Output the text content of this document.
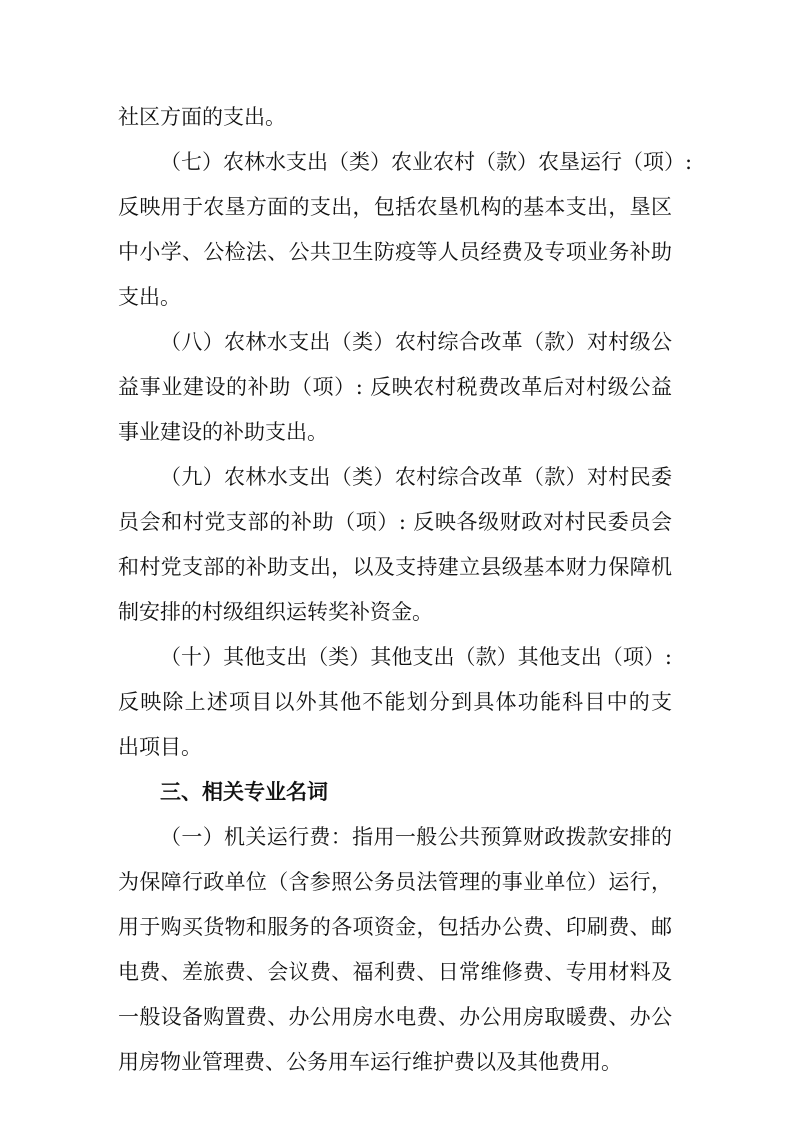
社区方面的支出。
（七）农林水支出（类）农业农村（款）农垦运行（项）:
反映用于农垦方面的支出，包括农垦机构的基本支出，垦区
中小学、公检法、公共卫生防疫等人员经费及专项业务补助
支出。
（八）农林水支出（类）农村综合改革（款）对村级公
益事业建设的补助（项）: 反映农村税费改革后对村级公益
事业建设的补助支出。
（九）农林水支出（类）农村综合改革（款）对村民委
员会和村党支部的补助（项）: 反映各级财政对村民委员会
和村党支部的补助支出，以及支持建立县级基本财力保障机
制安排的村级组织运转奖补资金。
（十）其他支出（类）其他支出（款）其他支出（项）:
反映除上述项目以外其他不能划分到具体功能科目中的支
出项目。
三、相关专业名词
（一）机关运行费：指用一般公共预算财政拨款安排的
为保障行政单位（含参照公务员法管理的事业单位）运行，
用于购买货物和服务的各项资金，包括办公费、印刷费、邮
电费、差旅费、会议费、福利费、日常维修费、专用材料及
一般设备购置费、办公用房水电费、办公用房取暖费、办公
用房物业管理费、公务用车运行维护费以及其他费用。
